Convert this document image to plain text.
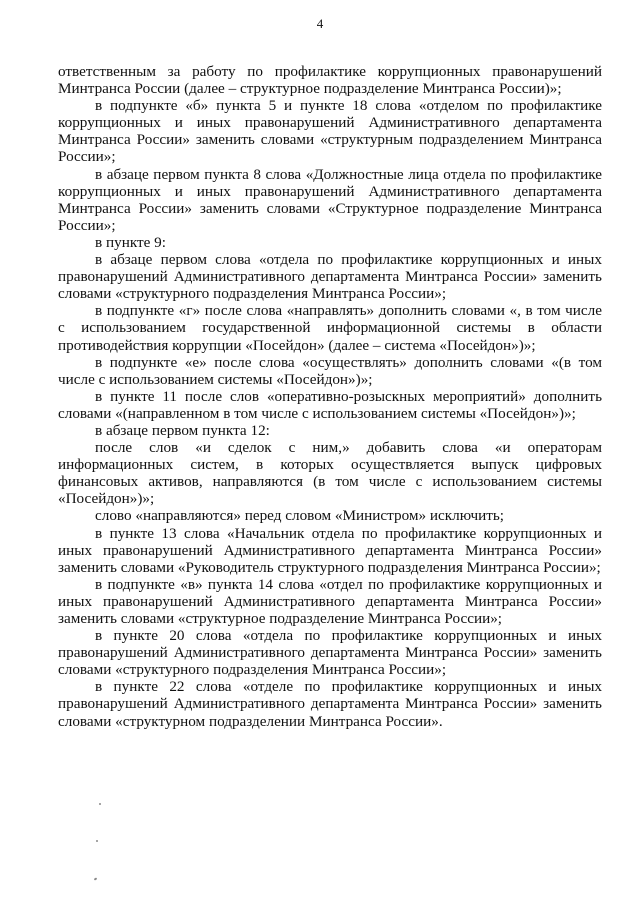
4

ответственным за работу по профилактике коррупционных правонарушений Минтранса России (далее – структурное подразделение Минтранса России)»;

в подпункте «б» пункта 5 и пункте 18 слова «отделом по профилактике коррупционных и иных правонарушений Административного департамента Минтранса России» заменить словами «структурным подразделением Минтранса России»;

в абзаце первом пункта 8 слова «Должностные лица отдела по профилактике коррупционных и иных правонарушений Административного департамента Минтранса России» заменить словами «Структурное подразделение Минтранса России»;

в пункте 9:

в абзаце первом слова «отдела по профилактике коррупционных и иных правонарушений Административного департамента Минтранса России» заменить словами «структурного подразделения Минтранса России»;

в подпункте «г» после слова «направлять» дополнить словами «, в том числе с использованием государственной информационной системы в области противодействия коррупции «Посейдон» (далее – система «Посейдон»)»;

в подпункте «е» после слова «осуществлять» дополнить словами «(в том числе с использованием системы «Посейдон»)»;

в пункте 11 после слов «оперативно-розыскных мероприятий» дополнить словами «(направленном в том числе с использованием системы «Посейдон»)»;

в абзаце первом пункта 12:

после слов «и сделок с ним,» добавить слова «и операторам информационных систем, в которых осуществляется выпуск цифровых финансовых активов, направляются (в том числе с использованием системы «Посейдон»)»;

слово «направляются» перед словом «Министром» исключить;

в пункте 13 слова «Начальник отдела по профилактике коррупционных и иных правонарушений Административного департамента Минтранса России» заменить словами «Руководитель структурного подразделения Минтранса России»;

в подпункте «в» пункта 14 слова «отдел по профилактике коррупционных и иных правонарушений Административного департамента Минтранса России» заменить словами «структурное подразделение Минтранса России»;

в пункте 20 слова «отдела по профилактике коррупционных и иных правонарушений Административного департамента Минтранса России» заменить словами «структурного подразделения Минтранса России»;

в пункте 22 слова «отделе по профилактике коррупционных и иных правонарушений Административного департамента Минтранса России» заменить словами «структурном подразделении Минтранса России».
